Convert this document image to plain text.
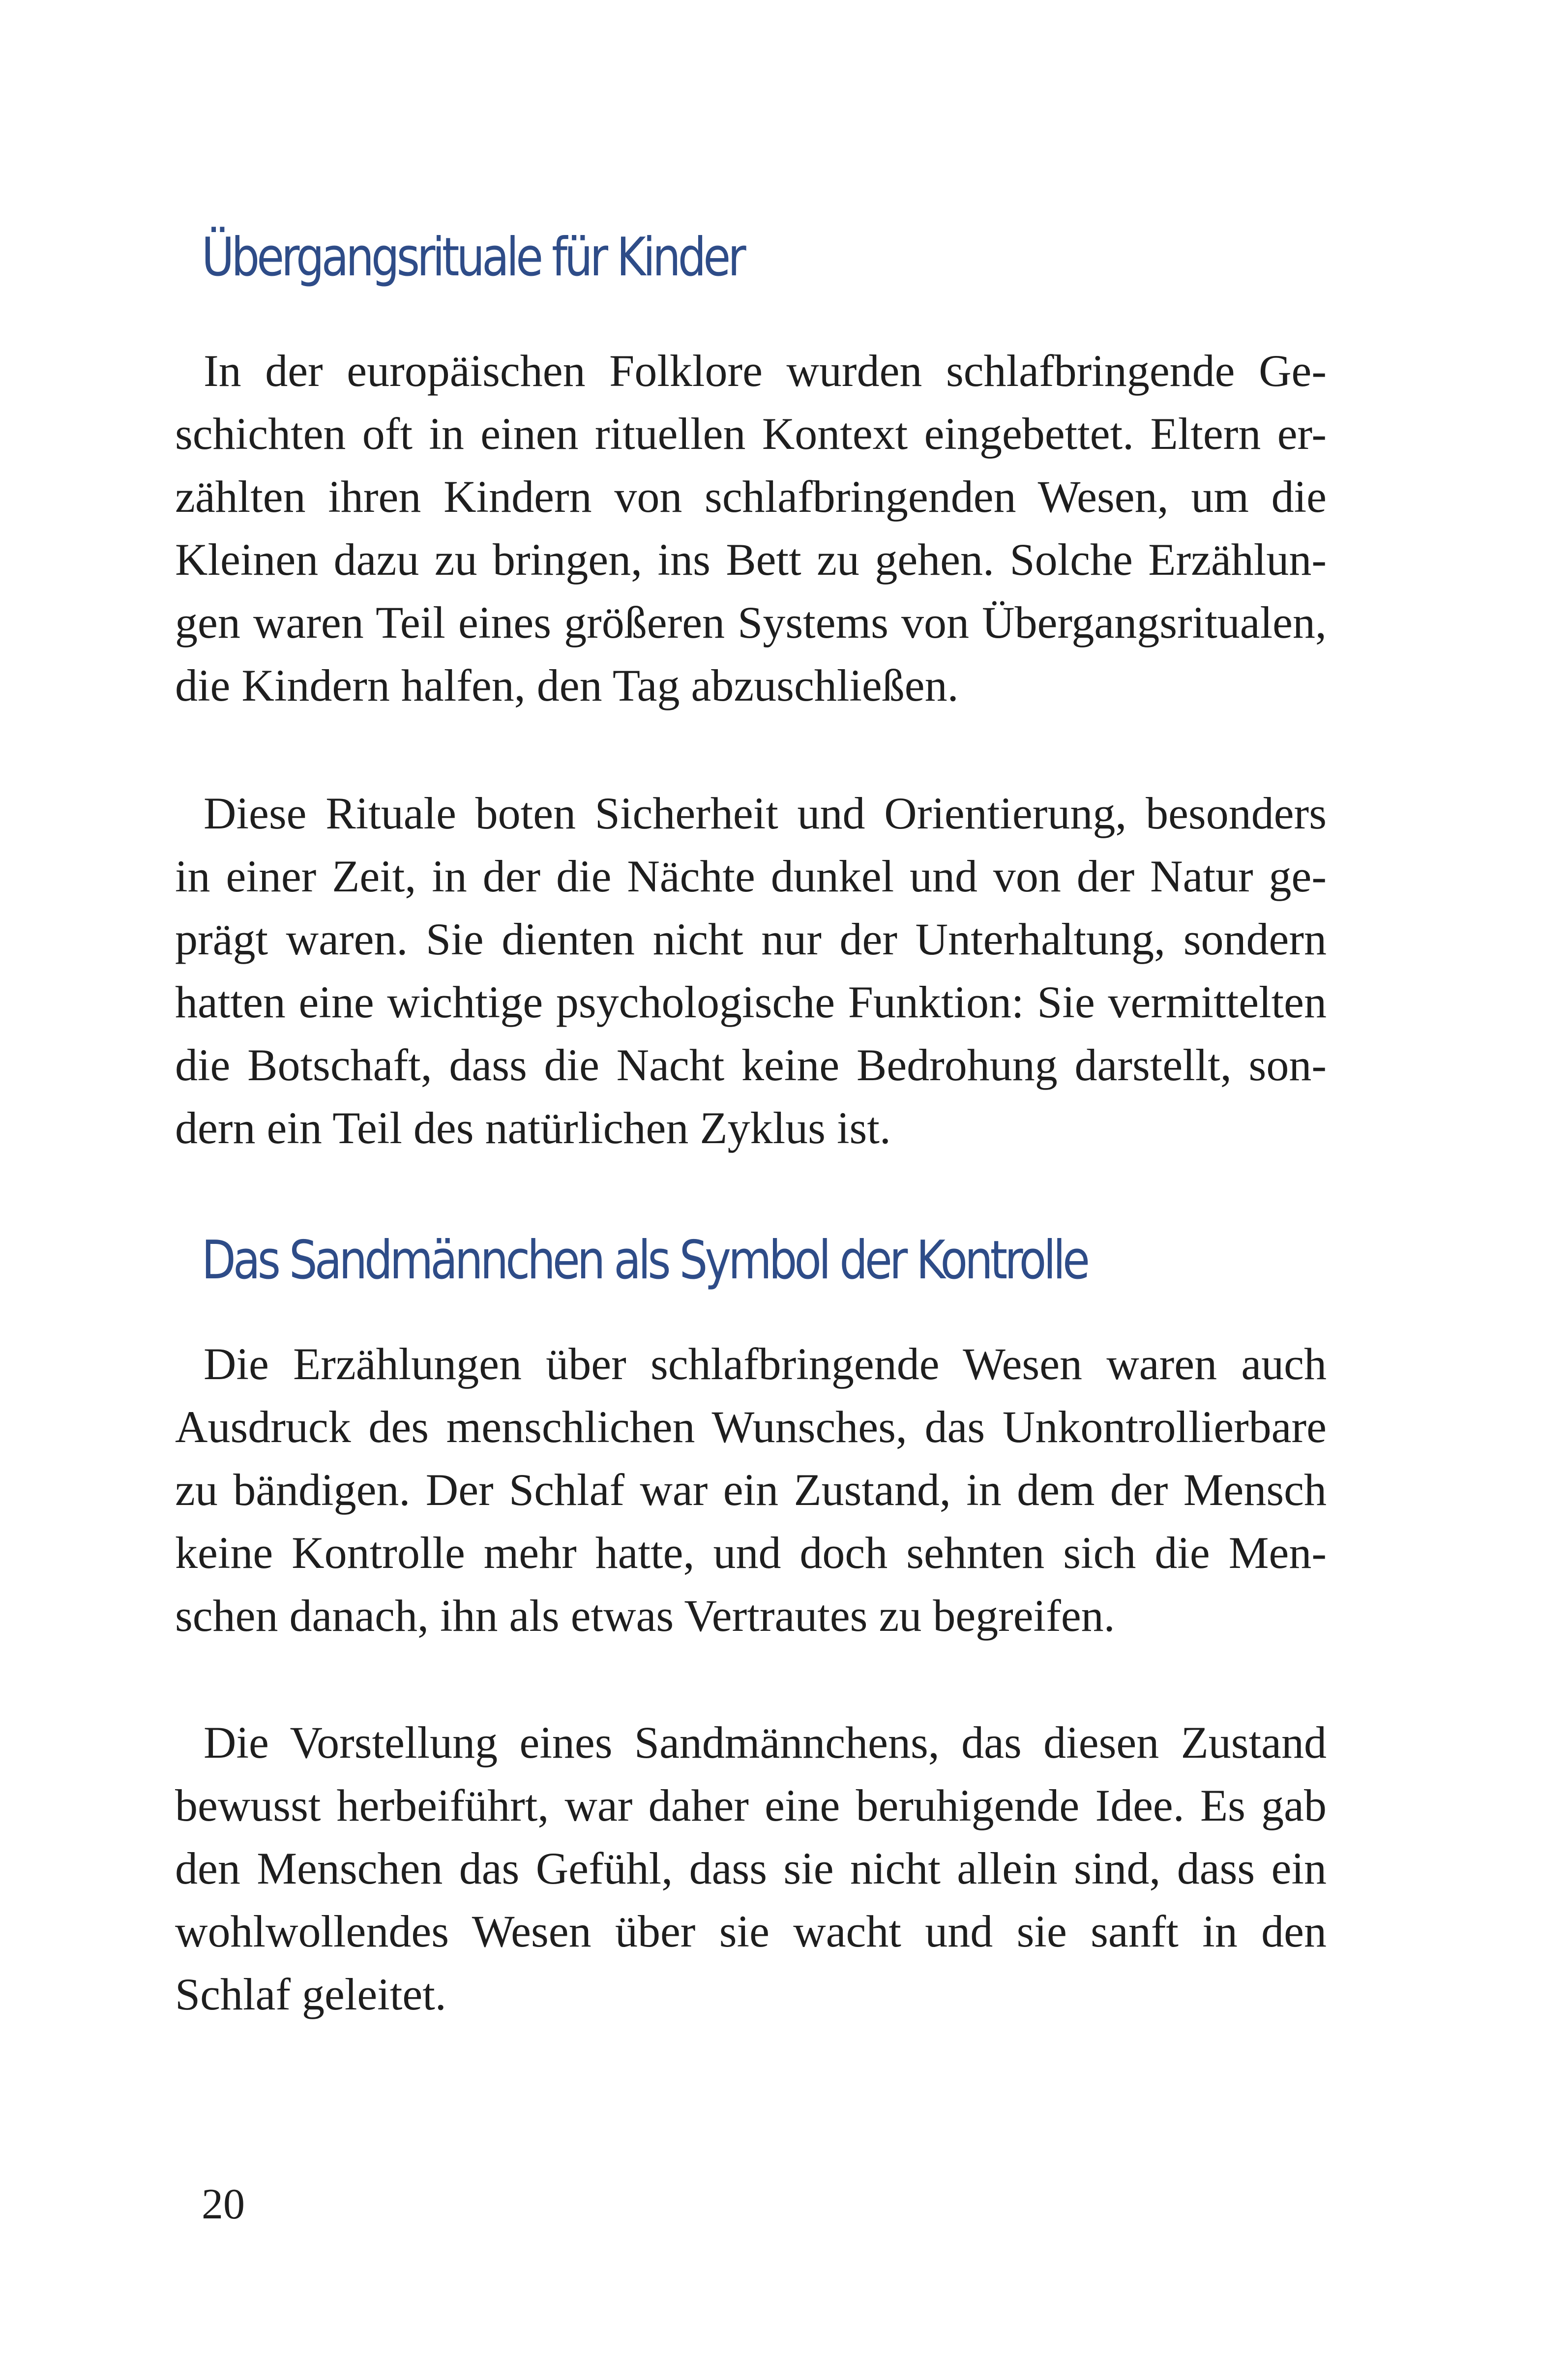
Übergangsrituale für Kinder
In der europäischen Folklore wurden schlafbringende Ge-
schichten oft in einen rituellen Kontext eingebettet. Eltern er-
zählten ihren Kindern von schlafbringenden Wesen, um die
Kleinen dazu zu bringen, ins Bett zu gehen. Solche Erzählun-
gen waren Teil eines größeren Systems von Übergangsritualen,
die Kindern halfen, den Tag abzuschließen.
Diese Rituale boten Sicherheit und Orientierung, besonders
in einer Zeit, in der die Nächte dunkel und von der Natur ge-
prägt waren. Sie dienten nicht nur der Unterhaltung, sondern
hatten eine wichtige psychologische Funktion: Sie vermittelten
die Botschaft, dass die Nacht keine Bedrohung darstellt, son-
dern ein Teil des natürlichen Zyklus ist.
Das Sandmännchen als Symbol der Kontrolle
Die Erzählungen über schlafbringende Wesen waren auch
Ausdruck des menschlichen Wunsches, das Unkontrollierbare
zu bändigen. Der Schlaf war ein Zustand, in dem der Mensch
keine Kontrolle mehr hatte, und doch sehnten sich die Men-
schen danach, ihn als etwas Vertrautes zu begreifen.
Die Vorstellung eines Sandmännchens, das diesen Zustand
bewusst herbeiführt, war daher eine beruhigende Idee. Es gab
den Menschen das Gefühl, dass sie nicht allein sind, dass ein
wohlwollendes Wesen über sie wacht und sie sanft in den
Schlaf geleitet.
20
